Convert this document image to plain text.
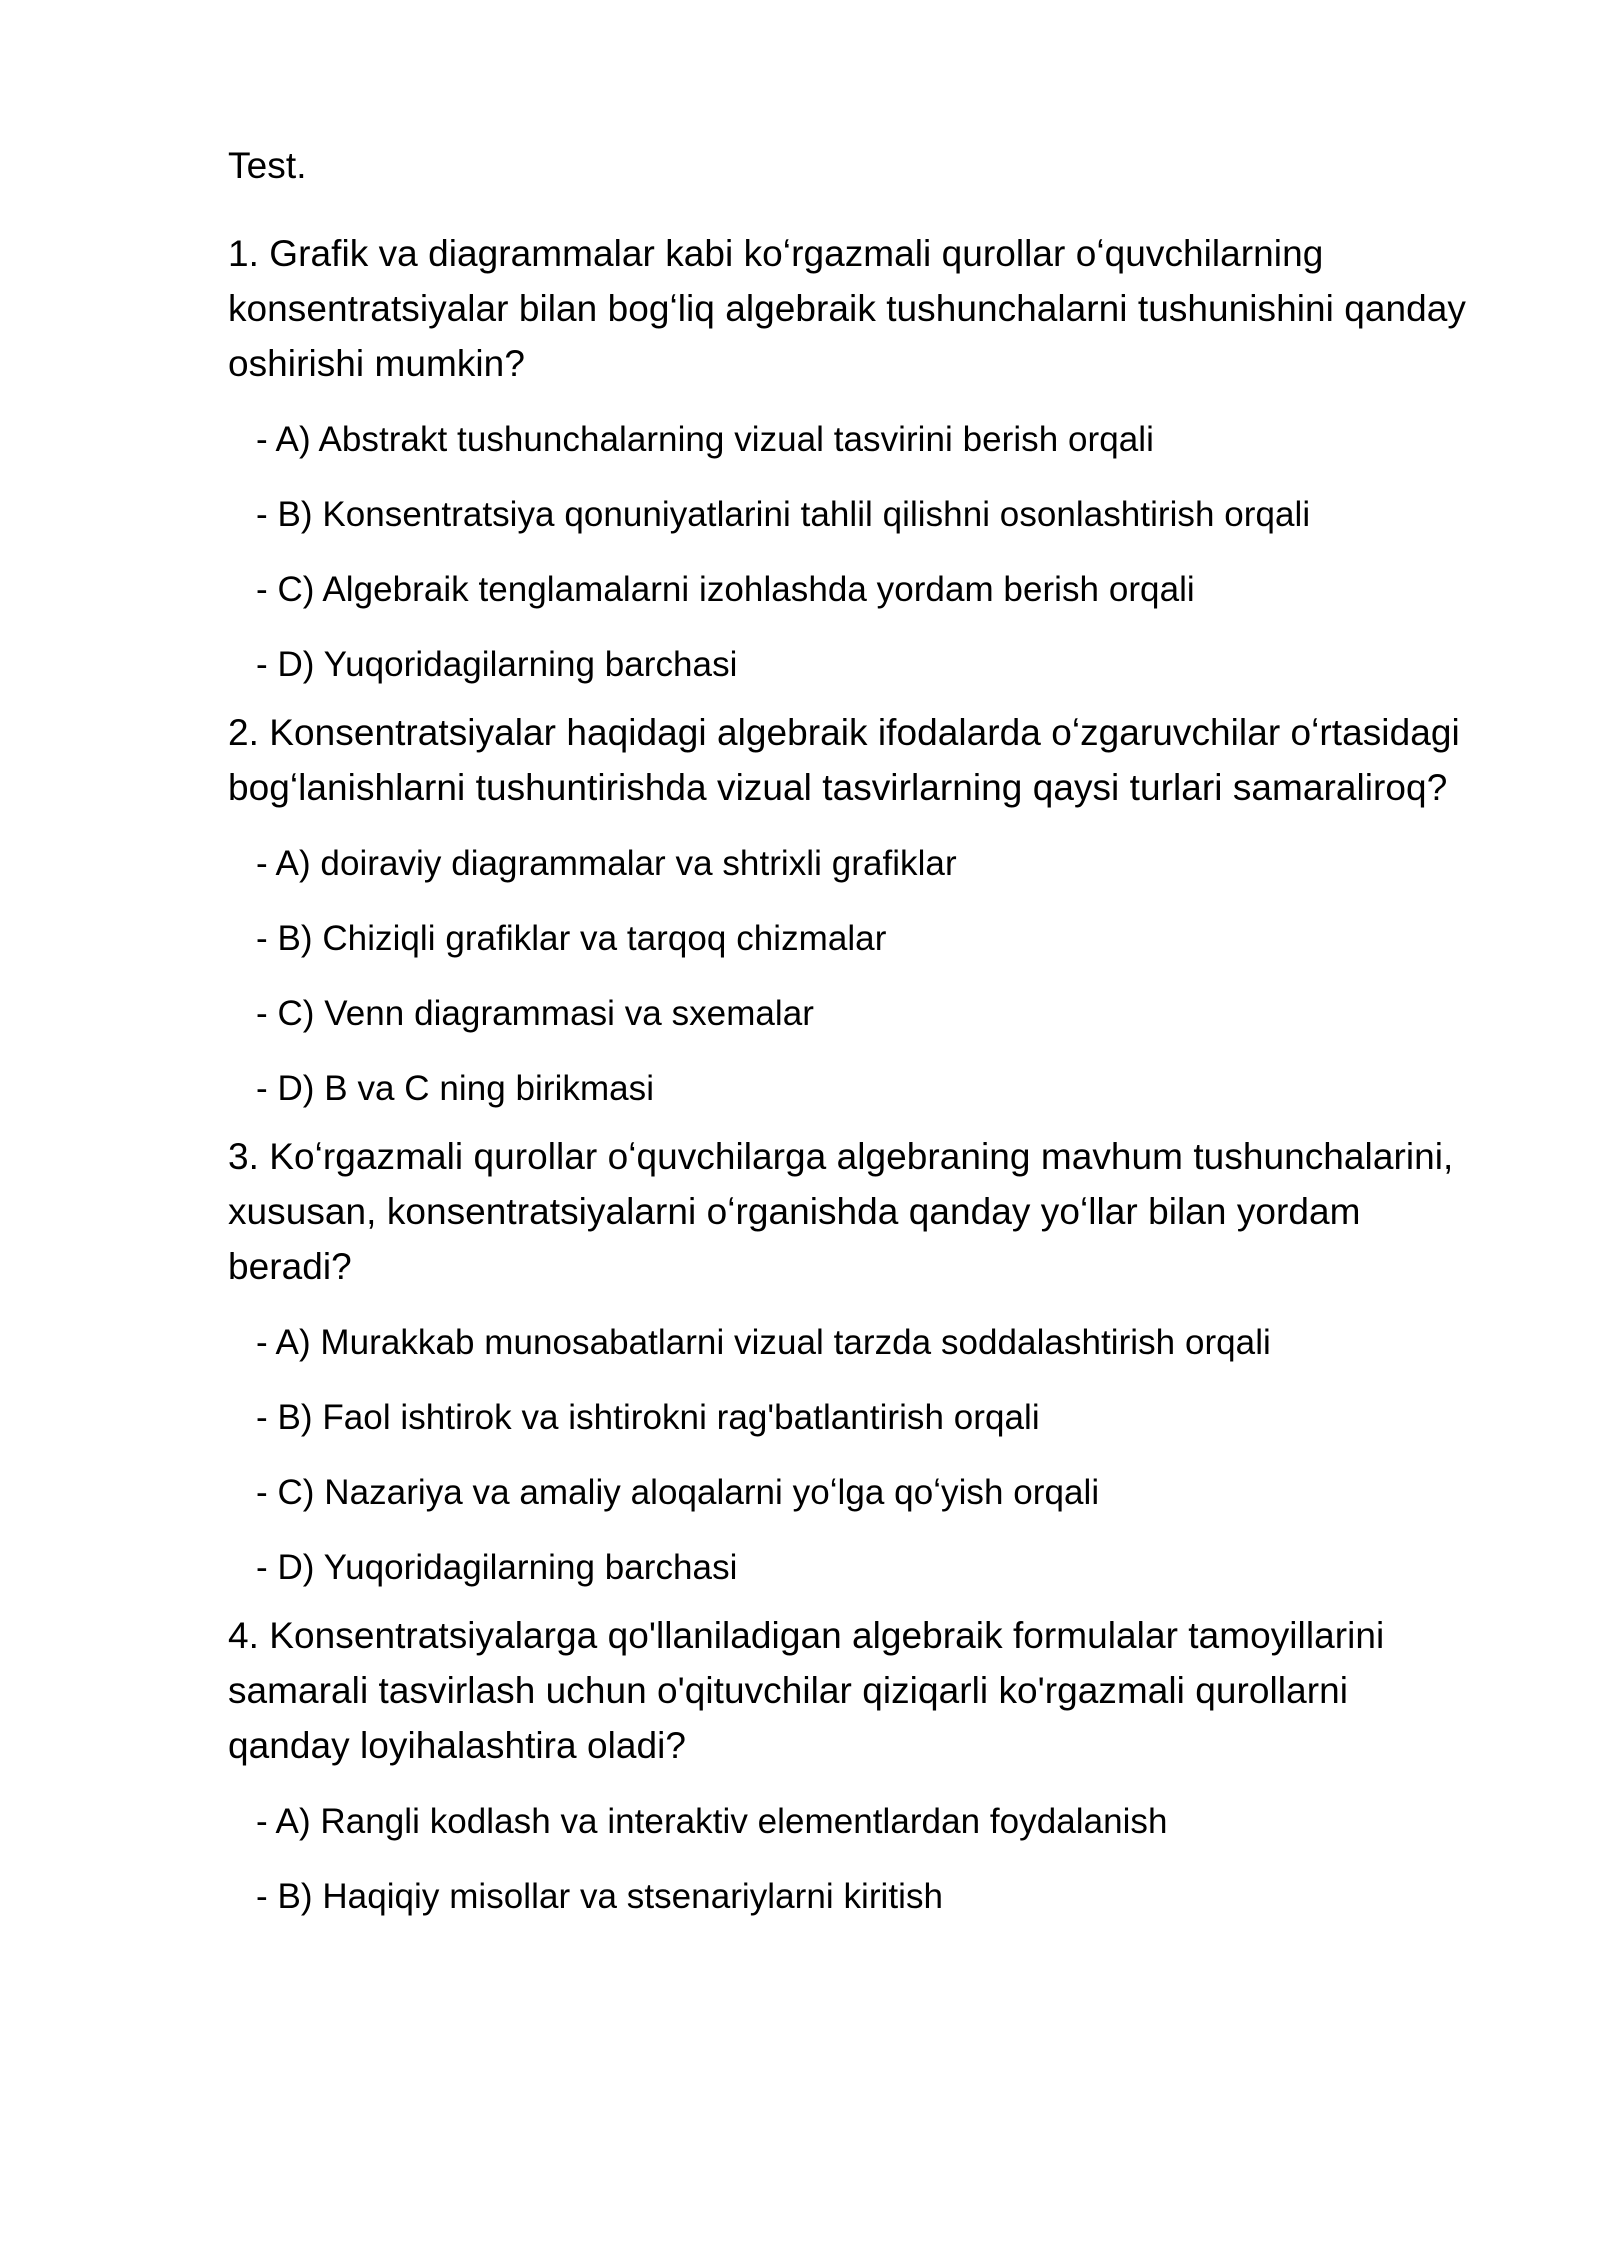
Test.

1. Grafik va diagrammalar kabi koʻrgazmali qurollar oʻquvchilarning konsentratsiyalar bilan bogʻliq algebraik tushunchalarni tushunishini qanday oshirishi mumkin?

- A) Abstrakt tushunchalarning vizual tasvirini berish orqali

- B) Konsentratsiya qonuniyatlarini tahlil qilishni osonlashtirish orqali

- C) Algebraik tenglamalarni izohlashda yordam berish orqali

- D) Yuqoridagilarning barchasi

2. Konsentratsiyalar haqidagi algebraik ifodalarda oʻzgaruvchilar oʻrtasidagi bogʻlanishlarni tushuntirishda vizual tasvirlarning qaysi turlari samaraliroq?

- A) doiraviy diagrammalar va shtrixli grafiklar

- B) Chiziqli grafiklar va tarqoq chizmalar

- C) Venn diagrammasi va sxemalar

- D) B va C ning birikmasi

3. Koʻrgazmali qurollar oʻquvchilarga algebraning mavhum tushunchalarini, xususan, konsentratsiyalarni oʻrganishda qanday yoʻllar bilan yordam beradi?

- A) Murakkab munosabatlarni vizual tarzda soddalashtirish orqali

- B) Faol ishtirok va ishtirokni rag'batlantirish orqali

- C) Nazariya va amaliy aloqalarni yoʻlga qoʻyish orqali

- D) Yuqoridagilarning barchasi

4. Konsentratsiyalarga qo'llaniladigan algebraik formulalar tamoyillarini samarali tasvirlash uchun o'qituvchilar qiziqarli ko'rgazmali qurollarni qanday loyihalashtira oladi?

- A) Rangli kodlash va interaktiv elementlardan foydalanish

- B) Haqiqiy misollar va stsenariylarni kiritish
